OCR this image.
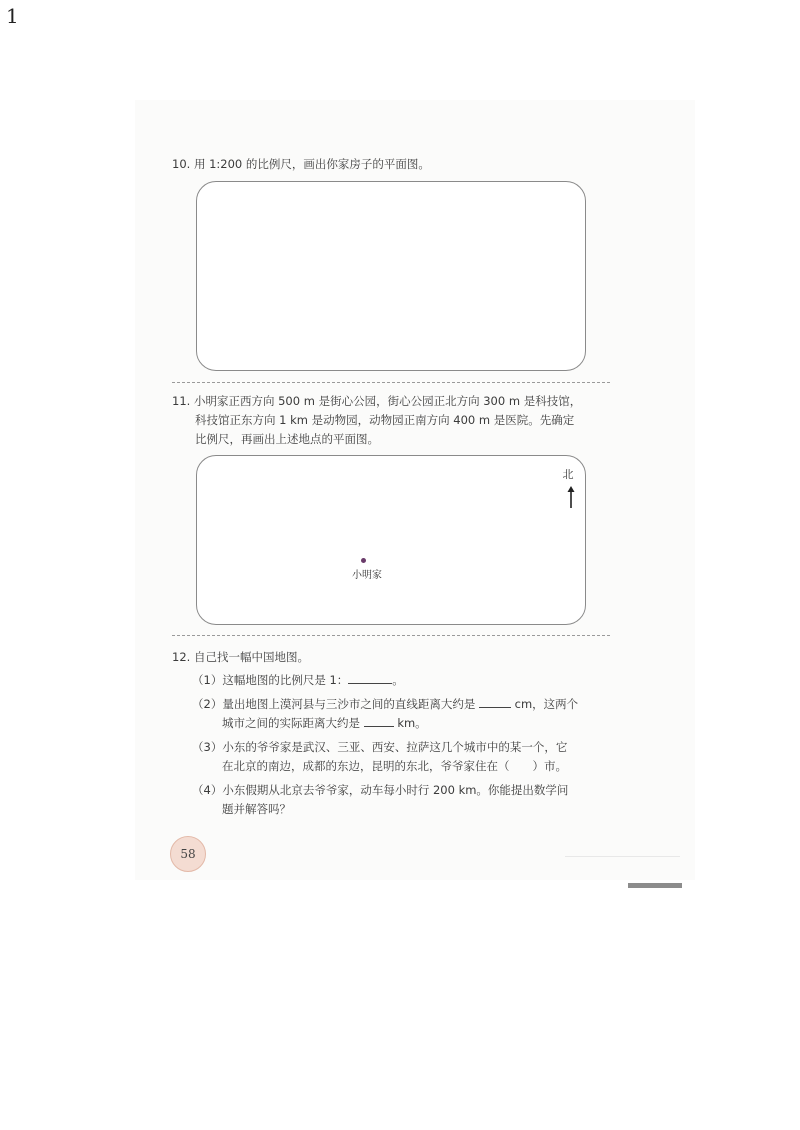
1
10. 用 1:200 的比例尺，画出你家房子的平面图。
11. 小明家正西方向 500 m 是街心公园，街心公园正北方向 300 m 是科技馆，
科技馆正东方向 1 km 是动物园，动物园正南方向 400 m 是医院。先确定
比例尺，再画出上述地点的平面图。
北
小明家
12. 自己找一幅中国地图。
（1）这幅地图的比例尺是 1：	。
（2）量出地图上漠河县与三沙市之间的直线距离大约是	cm，这两个
城市之间的实际距离大约是	km。
（3）小东的爷爷家是武汉、三亚、西安、拉萨这几个城市中的某一个，它
在北京的南边，成都的东边，昆明的东北，爷爷家住在（　　）市。
（4）小东假期从北京去爷爷家，动车每小时行 200 km。你能提出数学问
题并解答吗？
58
